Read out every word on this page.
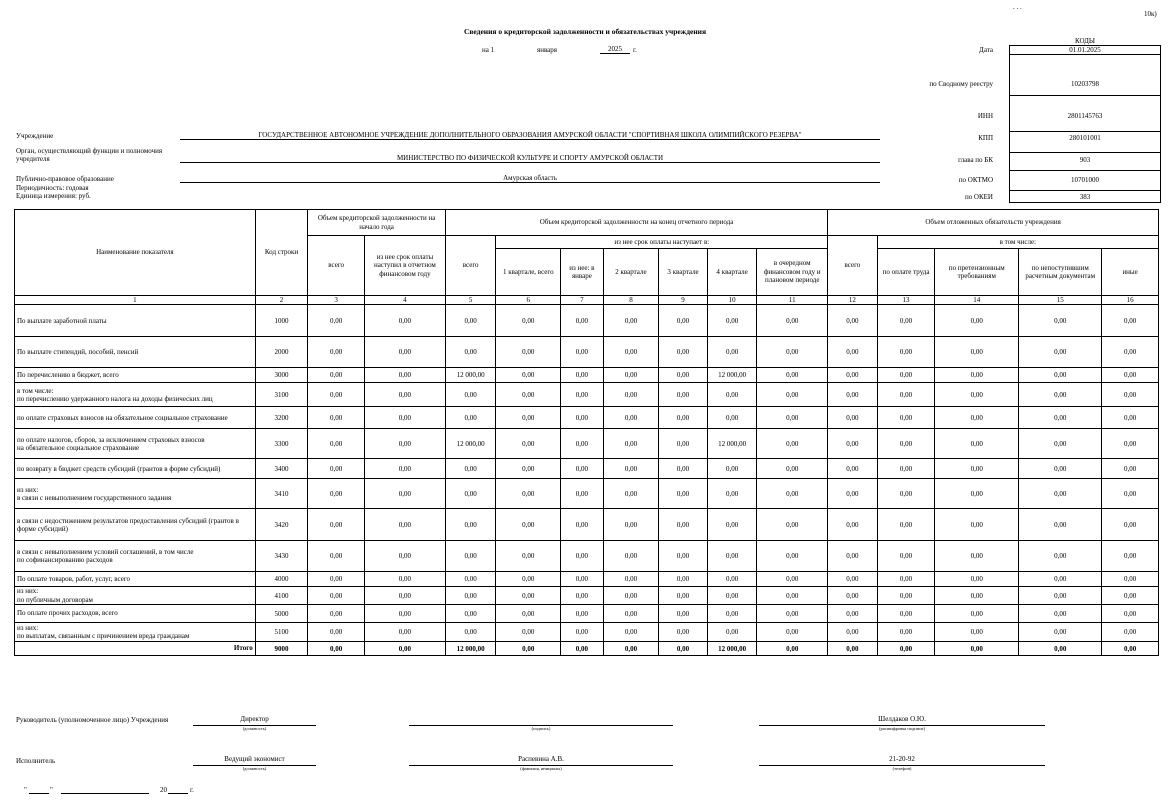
. . .
10к)
Сведения о кредиторской задолженности и обязательствах учреждения
на 1	января	2025	г.
КОДЫ
Дата	01.01.2025
по Сводному реестру	10203798
ИНН	2801145763
КПП	280101001
глава по БК	903
по ОКТМО	10701000
по ОКЕИ	383
Учреждение	ГОСУДАРСТВЕННОЕ АВТОНОМНОЕ УЧРЕЖДЕНИЕ ДОПОЛНИТЕЛЬНОГО ОБРАЗОВАНИЯ АМУРСКОЙ ОБЛАСТИ "СПОРТИВНАЯ ШКОЛА ОЛИМПИЙСКОГО РЕЗЕРВА"
Орган, осуществляющий функции и полномочия
учредителя	МИНИСТЕРСТВО ПО ФИЗИЧЕСКОЙ КУЛЬТУРЕ И СПОРТУ АМУРСКОЙ ОБЛАСТИ
Публично-правовое образование	Амурская область
Периодичность: годовая
Единица измерения: руб.
Наименование показателя	Код строки	Объем кредиторской задолженности на начало года		Объем кредиторской задолженности на конец отчетного периода							Объем отложенных обязательств учреждения				
		всего	из нее срок оплаты наступил в отчетном финансовом году	всего	из нее срок оплаты наступает в:						всего	в том числе:			
					1 квартале, всего	из нее: в январе	2 квартале	3 квартале	4 квартале	в очередном финансовом году и плановом периоде		по оплате труда	по претензионным требованиям	по непоступившим расчетным документам	иные
1	2	3	4	5	6	7	8	9	10	11	12	13	14	15	16
По выплате заработной платы	1000	0,00	0,00	0,00	0,00	0,00	0,00	0,00	0,00	0,00	0,00	0,00	0,00	0,00	0,00
По выплате стипендий, пособий, пенсий	2000	0,00	0,00	0,00	0,00	0,00	0,00	0,00	0,00	0,00	0,00	0,00	0,00	0,00	0,00
По перечислению в бюджет, всего	3000	0,00	0,00	12 000,00	0,00	0,00	0,00	0,00	12 000,00	0,00	0,00	0,00	0,00	0,00	0,00
в том числе:
по перечислению удержанного налога на доходы физических лиц	3100	0,00	0,00	0,00	0,00	0,00	0,00	0,00	0,00	0,00	0,00	0,00	0,00	0,00	0,00
по оплате страховых взносов на обязательное социальное страхование	3200	0,00	0,00	0,00	0,00	0,00	0,00	0,00	0,00	0,00	0,00	0,00	0,00	0,00	0,00
по оплате налогов, сборов, за исключением страховых взносов
на обязательное социальное страхование	3300	0,00	0,00	12 000,00	0,00	0,00	0,00	0,00	12 000,00	0,00	0,00	0,00	0,00	0,00	0,00
по возврату в бюджет средств субсидий (грантов в форме субсидий)	3400	0,00	0,00	0,00	0,00	0,00	0,00	0,00	0,00	0,00	0,00	0,00	0,00	0,00	0,00
из них:
в связи с невыполнением государственного задания	3410	0,00	0,00	0,00	0,00	0,00	0,00	0,00	0,00	0,00	0,00	0,00	0,00	0,00	0,00
в связи с недостижением результатов предоставления субсидий (грантов в форме субсидий)	3420	0,00	0,00	0,00	0,00	0,00	0,00	0,00	0,00	0,00	0,00	0,00	0,00	0,00	0,00
в связи с невыполнением условий соглашений, в том числе
по софинансированию расходов	3430	0,00	0,00	0,00	0,00	0,00	0,00	0,00	0,00	0,00	0,00	0,00	0,00	0,00	0,00
По оплате товаров, работ, услуг, всего	4000	0,00	0,00	0,00	0,00	0,00	0,00	0,00	0,00	0,00	0,00	0,00	0,00	0,00	0,00
из них:
по публичным договорам	4100	0,00	0,00	0,00	0,00	0,00	0,00	0,00	0,00	0,00	0,00	0,00	0,00	0,00	0,00
По оплате прочих расходов, всего	5000	0,00	0,00	0,00	0,00	0,00	0,00	0,00	0,00	0,00	0,00	0,00	0,00	0,00	0,00
из них:
по выплатам, связанным с причинением вреда гражданам	5100	0,00	0,00	0,00	0,00	0,00	0,00	0,00	0,00	0,00	0,00	0,00	0,00	0,00	0,00
Итого	9000	0,00	0,00	12 000,00	0,00	0,00	0,00	0,00	12 000,00	0,00	0,00	0,00	0,00	0,00	0,00
Руководитель (уполномоченное лицо) Учреждения	Директор
(должность)	(подпись)
Шелдаков О.Ю.
(расшифровка подписи)
Исполнитель	Ведущий экономист
(должность)
Распевина А.В.
(фамилия, инициалы)
21-20-92
(телефон)
"	"	20	г.
